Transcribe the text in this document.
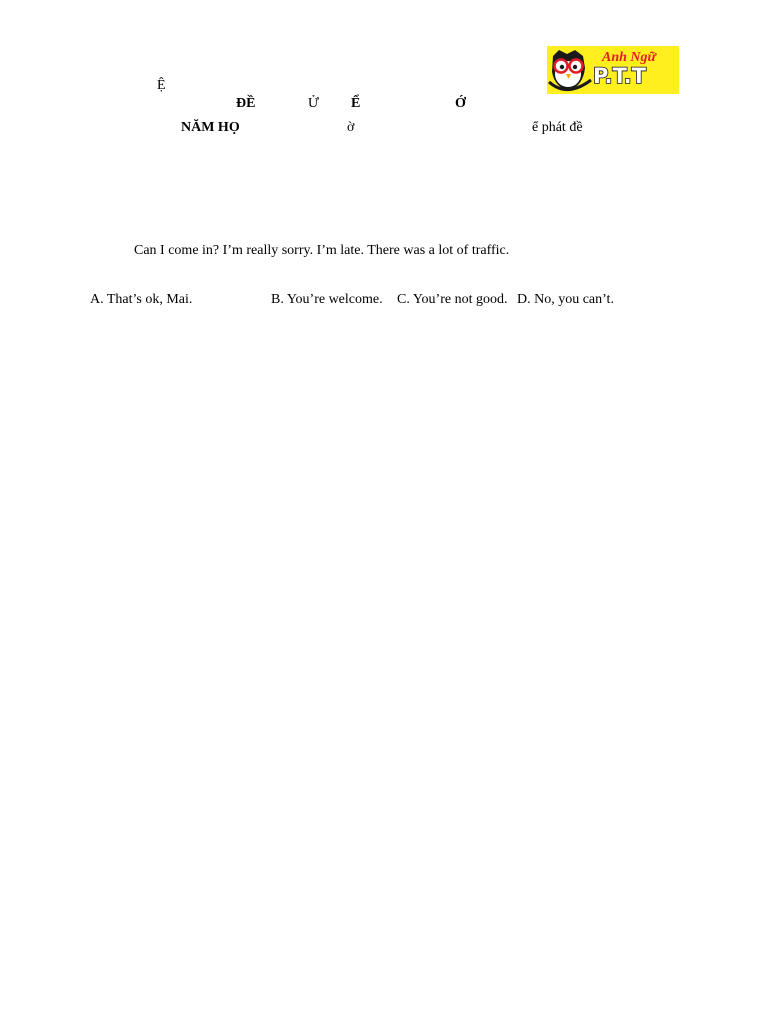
Ệ
ĐỀ	Ử Ể	Ớ
NĂM HỌ	ờ	ể phát đề
Anh Ngữ
P.T.T
Can I come in? I’m really sorry. I’m late. There was a lot of traffic.
A. That’s ok, Mai.	B. You’re welcome. C. You’re not good. D. No, you can’t.
